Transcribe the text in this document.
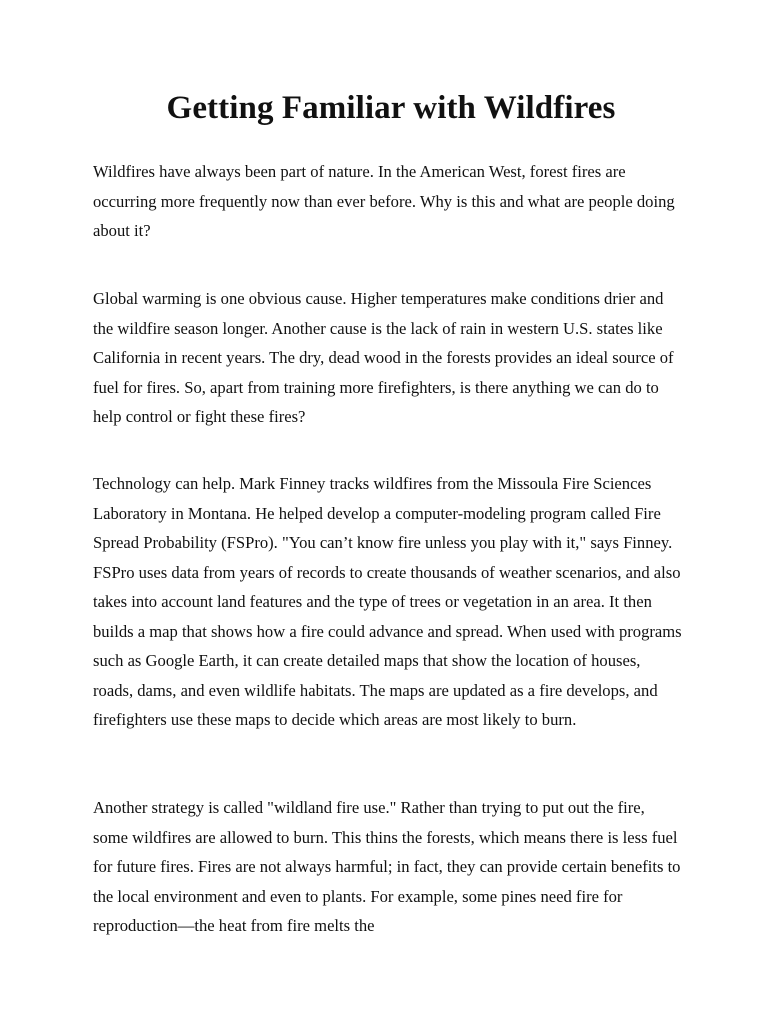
Getting Familiar with Wildfires

Wildfires have always been part of nature. In the American West, forest fires are occurring more frequently now than ever before. Why is this and what are people doing about it?

Global warming is one obvious cause. Higher temperatures make conditions drier and the wildfire season longer. Another cause is the lack of rain in western U.S. states like California in recent years. The dry, dead wood in the forests provides an ideal source of fuel for fires. So, apart from training more firefighters, is there anything we can do to help control or fight these fires?

Technology can help. Mark Finney tracks wildfires from the Missoula Fire Sciences Laboratory in Montana. He helped develop a computer-modeling program called Fire Spread Probability (FSPro). "You can’t know fire unless you play with it," says Finney. FSPro uses data from years of records to create thousands of weather scenarios, and also takes into account land features and the type of trees or vegetation in an area. It then builds a map that shows how a fire could advance and spread. When used with programs such as Google Earth, it can create detailed maps that show the location of houses, roads, dams, and even wildlife habitats. The maps are updated as a fire develops, and firefighters use these maps to decide which areas are most likely to burn.

Another strategy is called "wildland fire use." Rather than trying to put out the fire, some wildfires are allowed to burn. This thins the forests, which means there is less fuel for future fires. Fires are not always harmful; in fact, they can provide certain benefits to the local environment and even to plants. For example, some pines need fire for reproduction—the heat from fire melts the
